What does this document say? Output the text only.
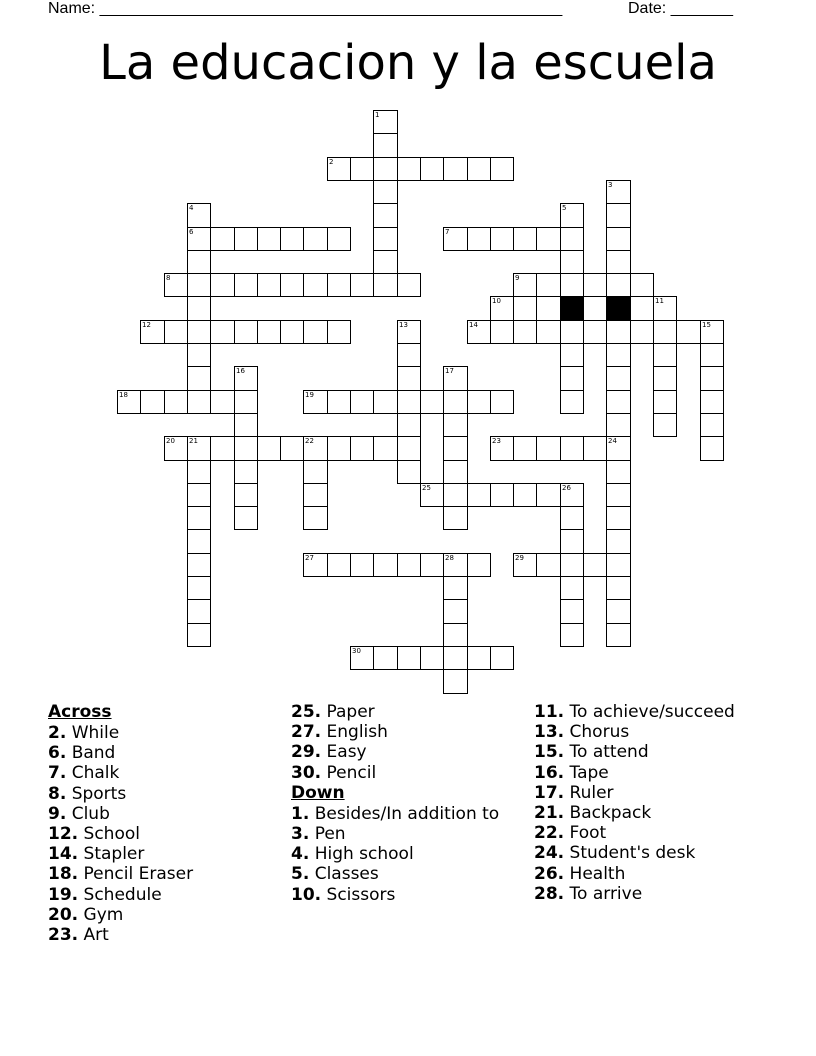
Name: ____________________________________________________	Date: _______
La educacion y la escuela
1
2
3
4
6
5
7
8	9
10	11
12	13	14	15
16	17
18	19
20 21	22	23	24
25	26
27	28	29
30
Across
2. While
6. Band
7. Chalk
8. Sports
9. Club
12. School
14. Stapler
18. Pencil Eraser
19. Schedule
20. Gym
23. Art
25. Paper
27. English
29. Easy
30. Pencil
Down
1. Besides/In addition to
3. Pen
4. High school
5. Classes
10. Scissors
11. To achieve/succeed
13. Chorus
15. To attend
16. Tape
17. Ruler
21. Backpack
22. Foot
24. Student's desk
26. Health
28. To arrive
